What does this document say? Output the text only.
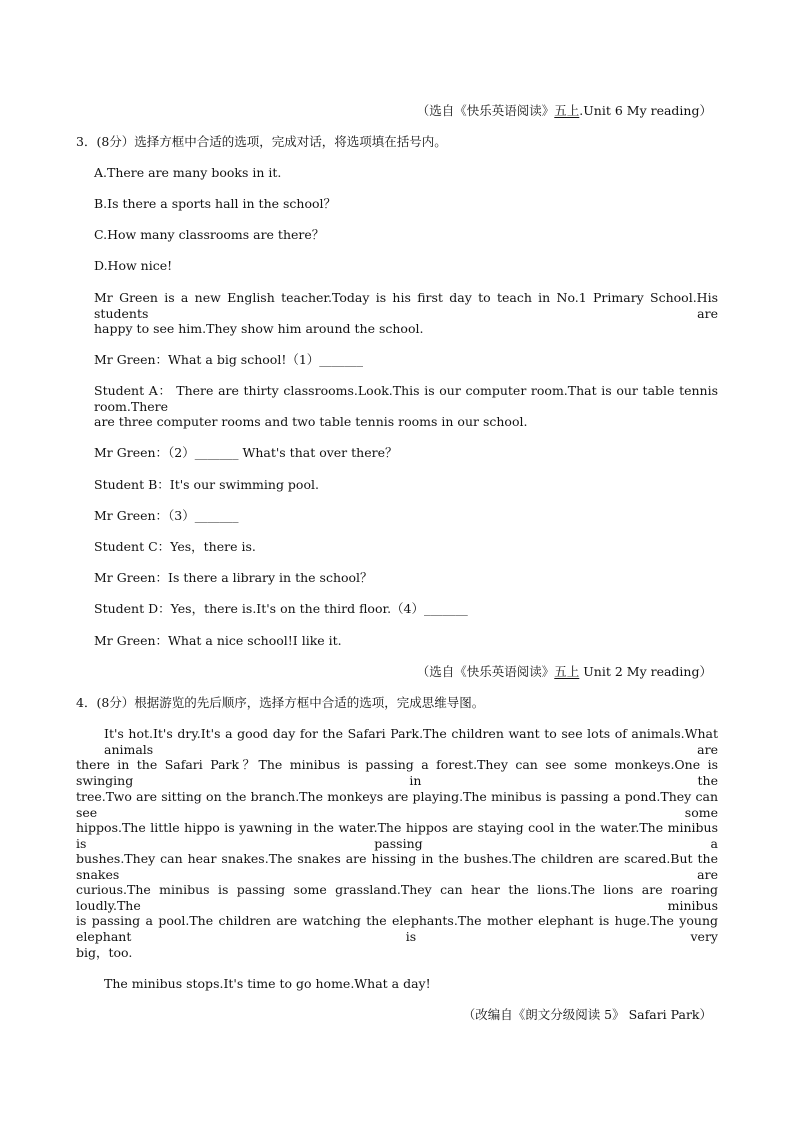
（选自《快乐英语阅读》五上.Unit 6 My reading）
3．(8分）选择方框中合适的选项，完成对话，将选项填在括号内。
A.There are many books in it.
B.Is there a sports hall in the school？
C.How many classrooms are there？
D.How nice!
Mr Green is a new English teacher.Today is his first day to teach in No.1 Primary School.His students are
happy to see him.They show him around the school.
Mr Green：What a big school!（1）_______
Student A： There are thirty classrooms.Look.This is our computer room.That is our table tennis room.There
are three computer rooms and two table tennis rooms in our school.
Mr Green：（2）_______ What's that over there？
Student B：It's our swimming pool.
Mr Green：（3）_______
Student C：Yes，there is.
Mr Green：Is there a library in the school？
Student D：Yes，there is.It's on the third floor.（4）_______
Mr Green：What a nice school!I like it.
（选自《快乐英语阅读》五上 Unit 2 My reading）
4．(8分）根据游览的先后顺序，选择方框中合适的选项，完成思维导图。
It's hot.It's dry.It's a good day for the Safari Park.The children want to see lots of animals.What animals are
there in the Safari Park？The minibus is passing a forest.They can see some monkeys.One is swinging in the
tree.Two are sitting on the branch.The monkeys are playing.The minibus is passing a pond.They can see some
hippos.The little hippo is yawning in the water.The hippos are staying cool in the water.The minibus is passing a
bushes.They can hear snakes.The snakes are hissing in the bushes.The children are scared.But the snakes are
curious.The minibus is passing some grassland.They can hear the lions.The lions are roaring loudly.The minibus
is passing a pool.The children are watching the elephants.The mother elephant is huge.The young elephant is very
big，too.
The minibus stops.It's time to go home.What a day!
（改编自《朗文分级阅读 5》 Safari Park）
